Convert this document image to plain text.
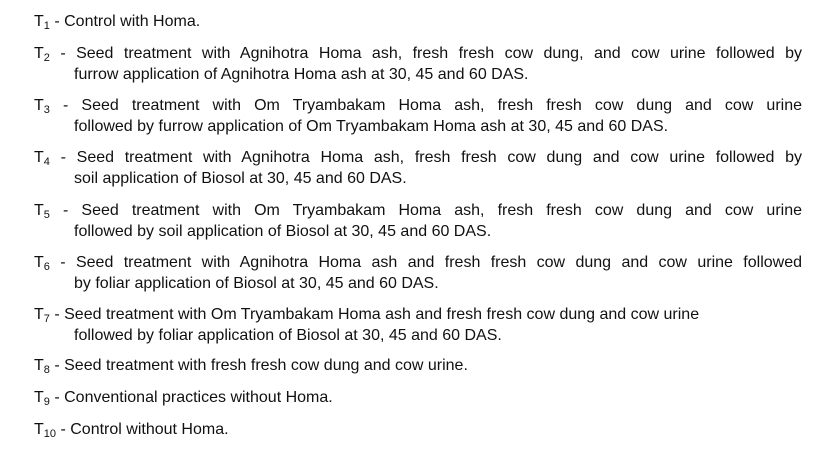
$T_1$ - Control with Homa.

$T_2$ - Seed treatment with Agnihotra Homa ash, fresh fresh cow dung, and cow urine followed by
furrow application of Agnihotra Homa ash at 30, 45 and 60 DAS.

$T_3$ - Seed treatment with Om Tryambakam Homa ash, fresh fresh cow dung and cow urine
followed by furrow application of Om Tryambakam Homa ash at 30, 45 and 60 DAS.

$T_4$ - Seed treatment with Agnihotra Homa ash, fresh fresh cow dung and cow urine followed by
soil application of Biosol at 30, 45 and 60 DAS.

$T_5$ - Seed treatment with Om Tryambakam Homa ash, fresh fresh cow dung and cow urine
followed by soil application of Biosol at 30, 45 and 60 DAS.

$T_6$ - Seed treatment with Agnihotra Homa ash and fresh fresh cow dung and cow urine followed
by foliar application of Biosol at 30, 45 and 60 DAS.

$T_7$ - Seed treatment with Om Tryambakam Homa ash and fresh fresh cow dung and cow urine
followed by foliar application of Biosol at 30, 45 and 60 DAS.

$T_8$ - Seed treatment with fresh fresh cow dung and cow urine.

$T_9$ - Conventional practices without Homa.

$T_{10}$ - Control without Homa.
